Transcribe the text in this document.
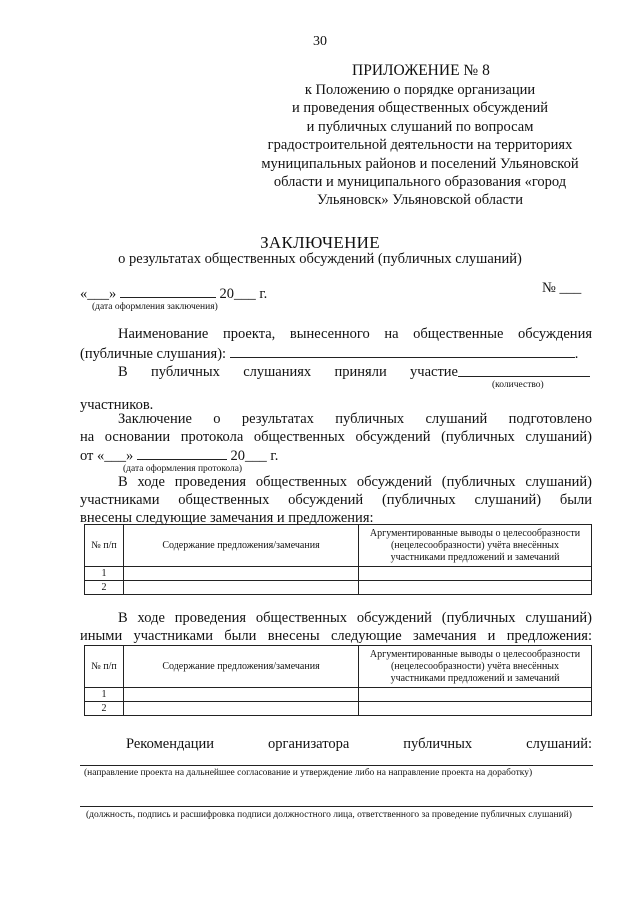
30
ПРИЛОЖЕНИЕ № 8
к Положению о порядке организации
и проведения общественных обсуждений
и публичных слушаний по вопросам
градостроительной деятельности на территориях
муниципальных районов и поселений Ульяновской
области и муниципального образования «город
Ульяновск» Ульяновской области
ЗАКЛЮЧЕНИЕ
о результатах общественных обсуждений (публичных слушаний)
«___»	20___ г.
(дата оформления заключения)
№ ___
Наименование проекта, вынесенного на общественные обсуждения
(публичные слушания):	.
В публичных слушаниях приняли участие
(количество)
участников.
Заключение о результатах публичных слушаний подготовлено
на основании протокола общественных обсуждений (публичных слушаний)
от «___»	20___ г.
(дата оформления протокола)
В ходе проведения общественных обсуждений (публичных слушаний)
участниками общественных обсуждений (публичных слушаний) были
внесены следующие замечания и предложения:
№ п/п	Содержание предложения/замечания	Аргументированные выводы о целесообразности (нецелесообразности) учёта внесённых участниками предложений и замечаний
1		
2		
В ходе проведения общественных обсуждений (публичных слушаний)
иными участниками были внесены следующие замечания и предложения:
№ п/п	Содержание предложения/замечания	Аргументированные выводы о целесообразности (нецелесообразности) учёта внесённых участниками предложений и замечаний
1		
2		
Рекомендации организатора публичных слушаний:
(направление проекта на дальнейшее согласование и утверждение либо на направление проекта на доработку)
(должность, подпись и расшифровка подписи должностного лица, ответственного за проведение публичных слушаний)
